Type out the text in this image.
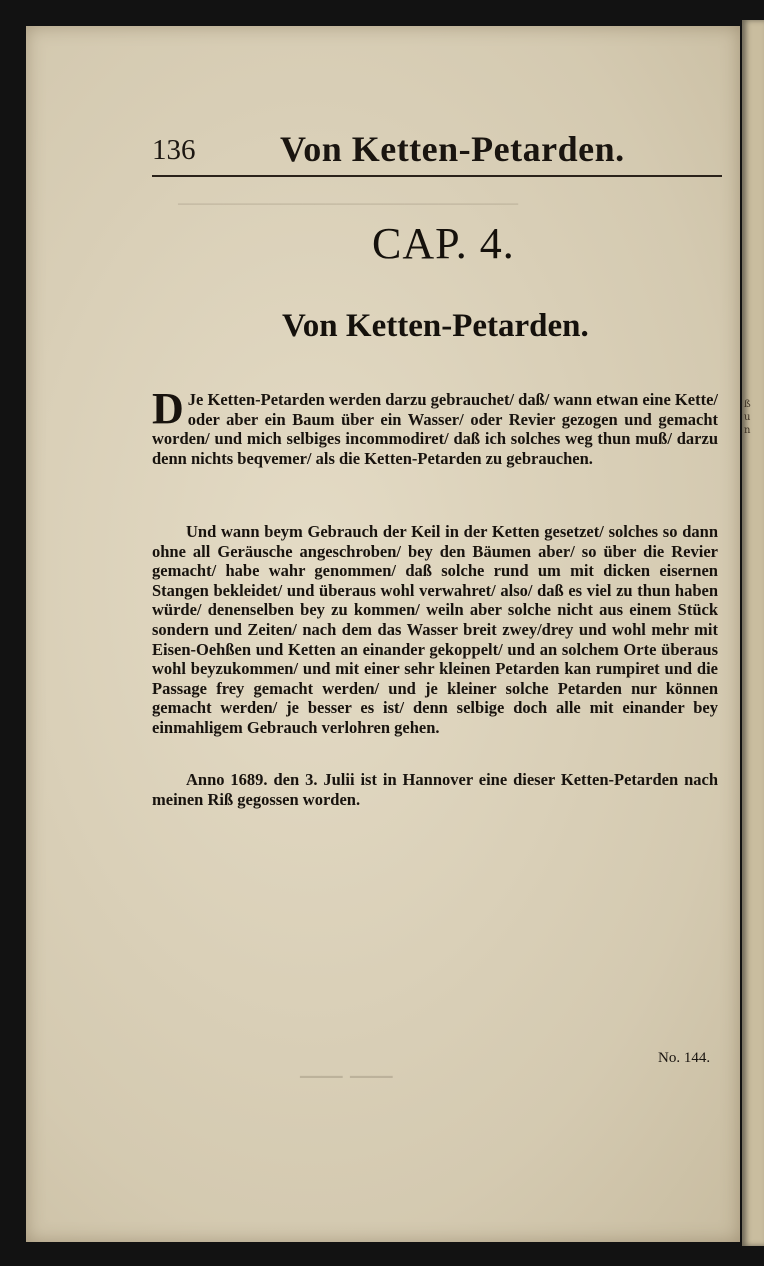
ß
u
n
──────────────────────────────
── ──
136 Von Ketten-Petarden.
CAP. 4.
Von Ketten-Petarden.
D Je Ketten-Petarden werden darzu gebrauchet/ daß/ wann etwan eine Kette/ oder aber ein Baum über ein Wasser/ oder Revier gezogen und gemacht worden/ und mich selbiges incommodiret/ daß ich solches weg thun muß/ darzu denn nichts beqvemer/ als die Ketten-Petarden zu gebrauchen.
Und wann beym Gebrauch der Keil in der Ketten gesetzet/ solches so dann ohne all Geräusche angeschroben/ bey den Bäumen aber/ so über die Revier gemacht/ habe wahr genommen/ daß solche rund um mit dicken eisernen Stangen bekleidet/ und überaus wohl verwahret/ also/ daß es viel zu thun haben würde/ denenselben bey zu kommen/ weiln aber solche nicht aus einem Stück sondern und Zeiten/ nach dem das Wasser breit zwey/drey und wohl mehr mit Eisen-Oehßen und Ketten an einander gekoppelt/ und an solchem Orte überaus wohl beyzukommen/ und mit einer sehr kleinen Petarden kan rumpiret und die Passage frey gemacht werden/ und je kleiner solche Petarden nur können gemacht werden/ je besser es ist/ denn selbige doch alle mit einander bey einmahligem Gebrauch verlohren gehen.
Anno 1689. den 3. Julii ist in Hannover eine dieser Ketten-Petarden nach meinen Riß gegossen worden.
No. 144.
